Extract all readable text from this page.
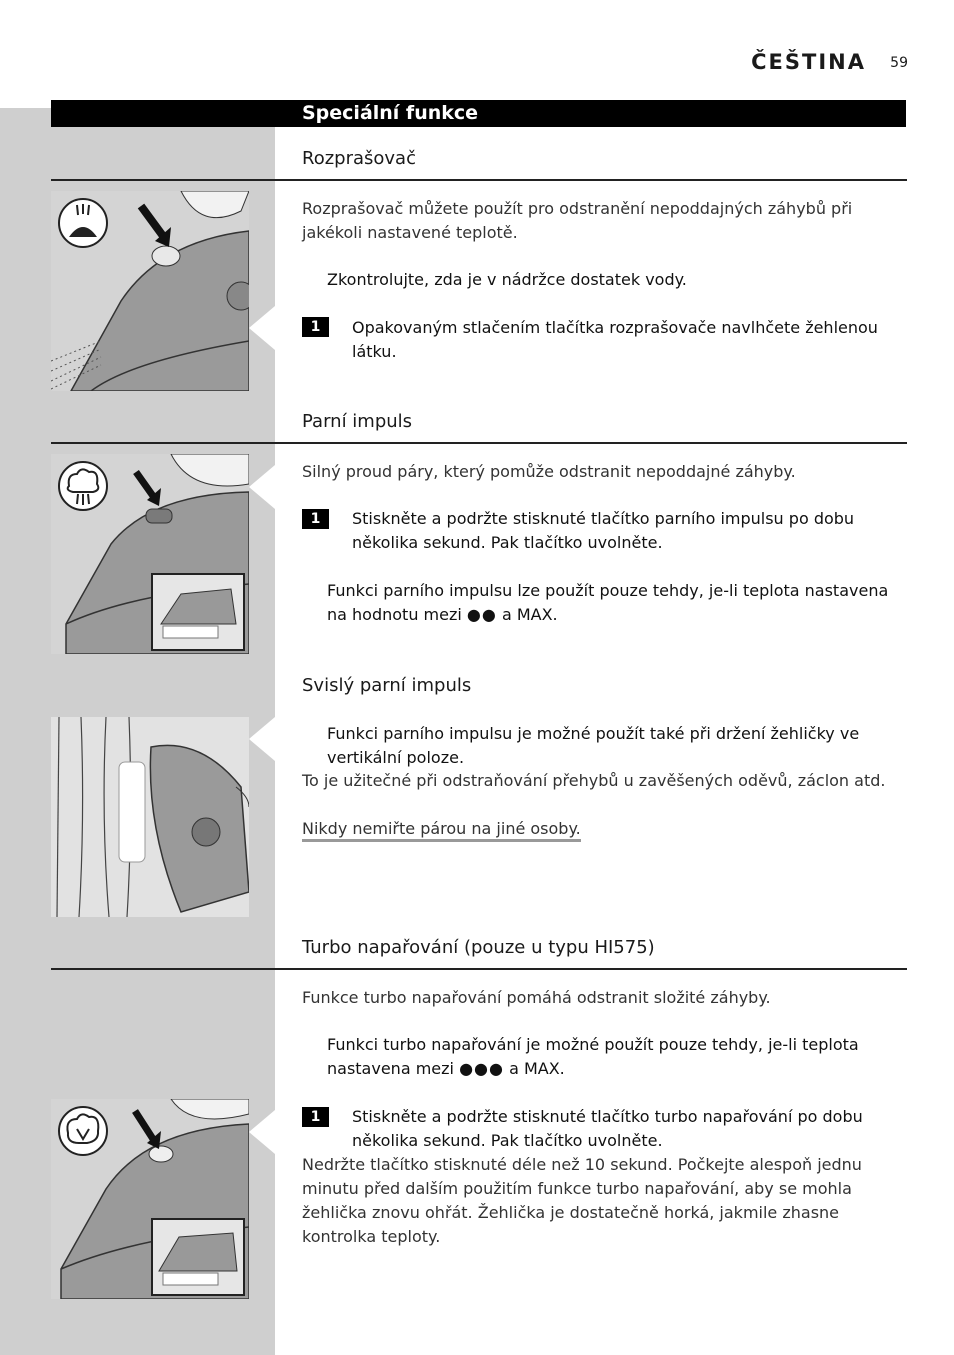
ČEŠTINA 59
Speciální funkce
Rozprašovač
Rozprašovač můžete použít pro odstranění nepoddajných záhybů při jakékoli nastavené teplotě.
Zkontrolujte, zda je v nádržce dostatek vody.
1	Opakovaným stlačením tlačítka rozprašovače navlhčete žehlenou látku.
Parní impuls
Silný proud páry, který pomůže odstranit nepoddajné záhyby.
1	Stiskněte a podržte stisknuté tlačítko parního impulsu po dobu několika sekund. Pak tlačítko uvolněte.
Funkci parního impulsu lze použít pouze tehdy, je-li teplota nastavena na hodnotu mezi ●● a MAX.
Svislý parní impuls
Funkci parního impulsu je možné použít také při držení žehličky ve vertikální poloze.
To je užitečné při odstraňování přehybů u zavěšených oděvů, záclon atd.
Nikdy nemiřte párou na jiné osoby.
Turbo napařování (pouze u typu HI575)
Funkce turbo napařování pomáhá odstranit složité záhyby.
Funkci turbo napařování je možné použít pouze tehdy, je-li teplota nastavena mezi ●●● a MAX.
1	Stiskněte a podržte stisknuté tlačítko turbo napařování po dobu několika sekund. Pak tlačítko uvolněte.
Nedržte tlačítko stisknuté déle než 10 sekund. Počkejte alespoň jednu minutu před dalším použitím funkce turbo napařování, aby se mohla žehlička znovu ohřát. Žehlička je dostatečně horká, jakmile zhasne kontrolka teploty.
